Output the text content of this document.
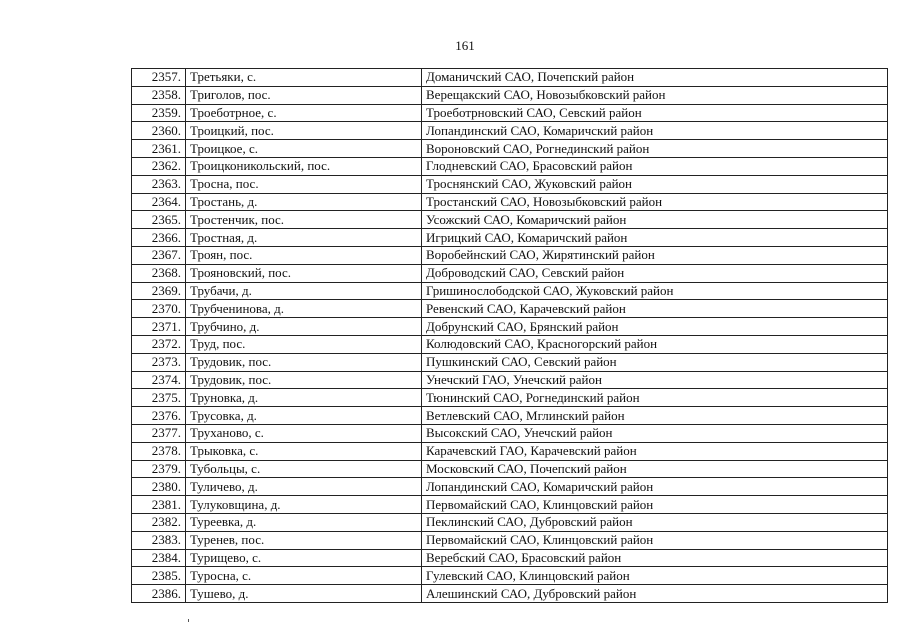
161
2357.	Третьяки, с.	Доманичский САО, Почепский район
2358.	Триголов, пос.	Верещакский САО, Новозыбковский район
2359.	Троеботрное, с.	Троеботрновский САО, Севский район
2360.	Троицкий, пос.	Лопандинский САО, Комаричский район
2361.	Троицкое, с.	Вороновский САО, Рогнединский район
2362.	Троицконикольский, пос.	Глодневский САО, Брасовский район
2363.	Тросна, пос.	Троснянский САО, Жуковский район
2364.	Тростань, д.	Тростанский САО, Новозыбковский район
2365.	Тростенчик, пос.	Усожский САО, Комаричский район
2366.	Тростная, д.	Игрицкий САО, Комаричский район
2367.	Троян, пос.	Воробейнский САО, Жирятинский район
2368.	Трояновский, пос.	Доброводский САО, Севский район
2369.	Трубачи, д.	Гришинослободской САО, Жуковский район
2370.	Трубченинова, д.	Ревенский САО, Карачевский район
2371.	Трубчино, д.	Добрунский САО, Брянский район
2372.	Труд, пос.	Колюдовский САО, Красногорский район
2373.	Трудовик, пос.	Пушкинский САО, Севский район
2374.	Трудовик, пос.	Унечский ГАО, Унечский район
2375.	Труновка, д.	Тюнинский САО, Рогнединский район
2376.	Трусовка, д.	Ветлевский САО, Мглинский район
2377.	Труханово, с.	Высокский САО, Унечский район
2378.	Трыковка, с.	Карачевский ГАО, Карачевский район
2379.	Тубольцы, с.	Московский САО, Почепский район
2380.	Туличево, д.	Лопандинский САО, Комаричский район
2381.	Тулуковщина, д.	Первомайский САО, Клинцовский район
2382.	Туреевка, д.	Пеклинский САО, Дубровский район
2383.	Туренев, пос.	Первомайский САО, Клинцовский район
2384.	Турищево, с.	Веребский САО, Брасовский район
2385.	Туросна, с.	Гулевский САО, Клинцовский район
2386.	Тушево, д.	Алешинский САО, Дубровский район
